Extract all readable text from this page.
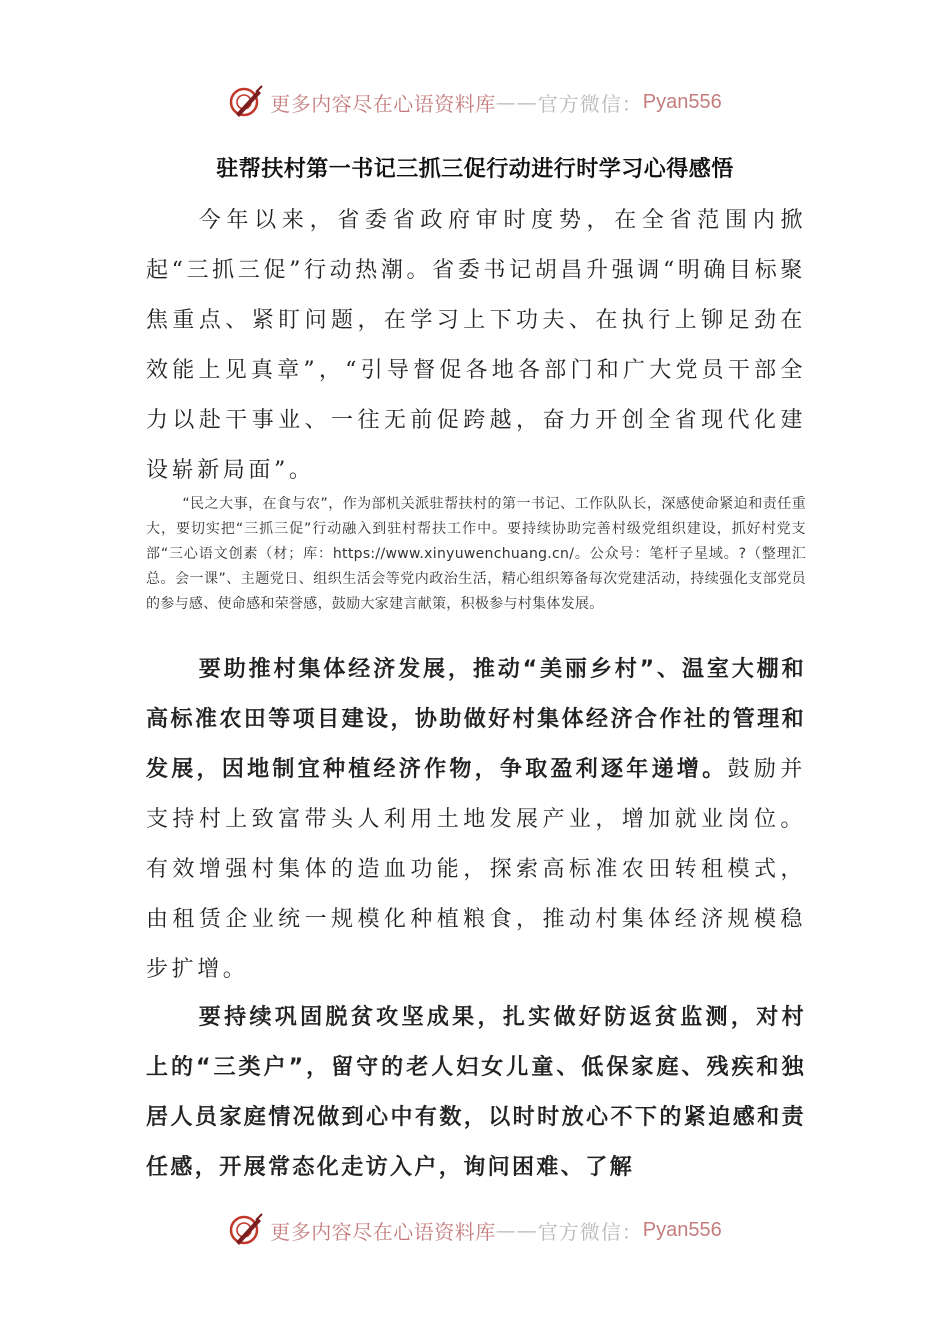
更多内容尽在心语资料库 —— 官方微信： Pyan556
驻帮扶村第一书记三抓三促行动进行时学习心得感悟

今年以来，省委省政府审时度势，在全省范围内掀起“三抓三促”行动热潮。省委书记胡昌升强调“明确目标聚焦重点、紧盯问题，在学习上下功夫、在执行上铆足劲在效能上见真章”，“引导督促各地各部门和广大党员干部全力以赴干事业、一往无前促跨越，奋力开创全省现代化建设崭新局面”。

“民之大事，在食与农”，作为部机关派驻帮扶村的第一书记、工作队队长，深感使命紧迫和责任重大，要切实把“三抓三促”行动融入到驻村帮扶工作中。要持续协助完善村级党组织建设，抓好村党支部“三心语文创素（材；库：https://www.xinyuwenchuang.cn/。公众号：笔杆子星域。?（整理汇总。会一课”、主题党日、组织生活会等党内政治生活，精心组织筹备每次党建活动，持续强化支部党员的参与感、使命感和荣誉感，鼓励大家建言献策，积极参与村集体发展。

要助推村集体经济发展，推动“美丽乡村”、温室大棚和高标准农田等项目建设，协助做好村集体经济合作社的管理和发展，因地制宜种植经济作物，争取盈利逐年递增。鼓励并支持村上致富带头人利用土地发展产业，增加就业岗位。有效增强村集体的造血功能，探索高标准农田转租模式，由租赁企业统一规模化种植粮食，推动村集体经济规模稳步扩增。

要持续巩固脱贫攻坚成果，扎实做好防返贫监测，对村上的“三类户”，留守的老人妇女儿童、低保家庭、残疾和独居人员家庭情况做到心中有数，以时时放心不下的紧迫感和责任感，开展常态化走访入户，询问困难、了解

更多内容尽在心语资料库 —— 官方微信： Pyan556
